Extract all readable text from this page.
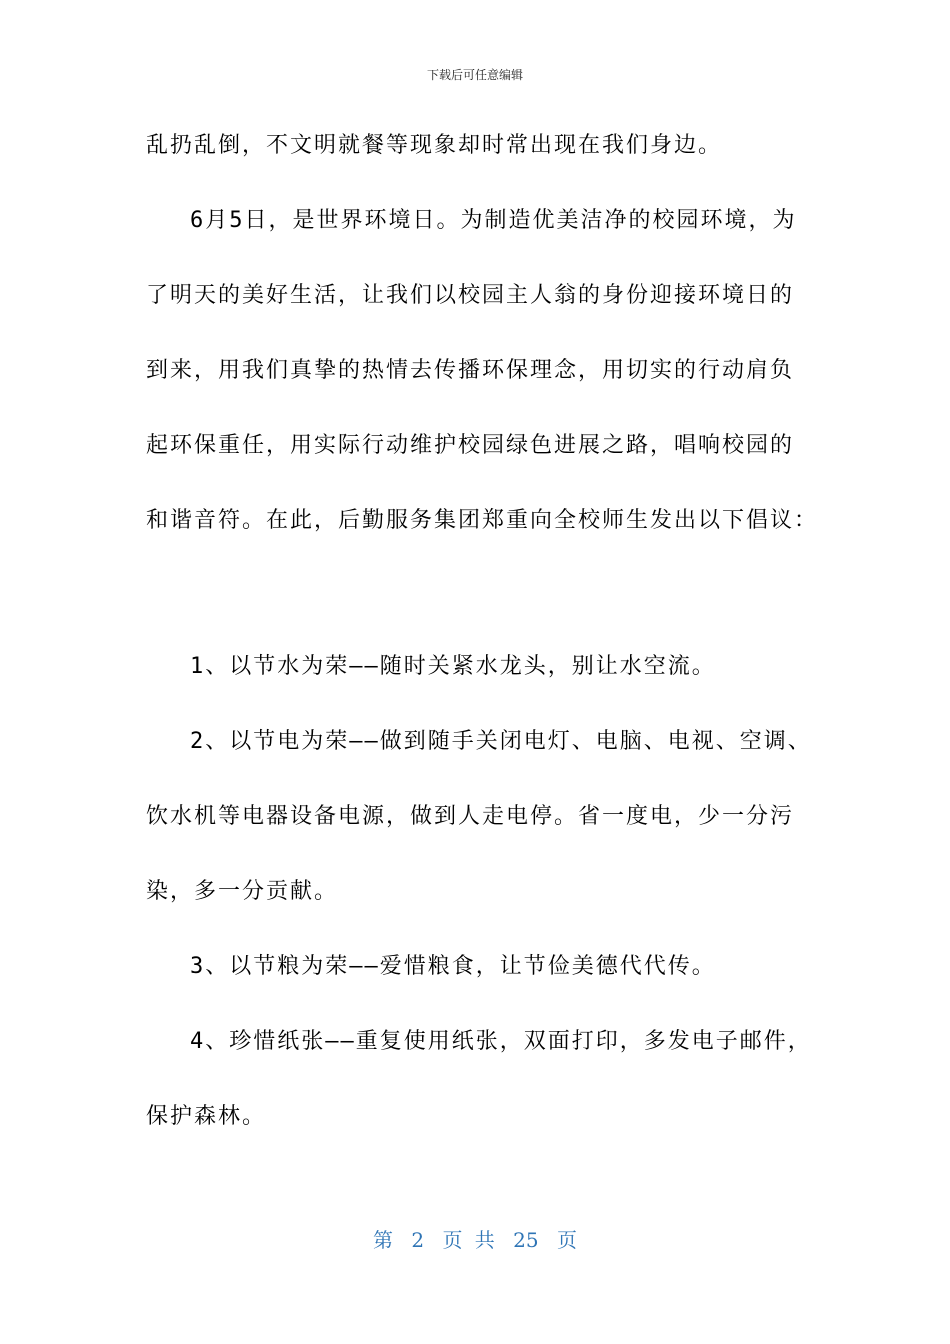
下载后可任意编辑
乱扔乱倒，不文明就餐等现象却时常出现在我们身边。
6月5日，是世界环境日。为制造优美洁净的校园环境，为
了明天的美好生活，让我们以校园主人翁的身份迎接环境日的
到来，用我们真挚的热情去传播环保理念，用切实的行动肩负
起环保重任，用实际行动维护校园绿色进展之路，唱响校园的
和谐音符。在此，后勤服务集团郑重向全校师生发出以下倡议：
1、以节水为荣——随时关紧水龙头，别让水空流。
2、以节电为荣——做到随手关闭电灯、电脑、电视、空调、
饮水机等电器设备电源，做到人走电停。省一度电，少一分污
染，多一分贡献。
3、以节粮为荣——爱惜粮食，让节俭美德代代传。
4、珍惜纸张——重复使用纸张，双面打印，多发电子邮件，
保护森林。
第 2 页 共 25 页
